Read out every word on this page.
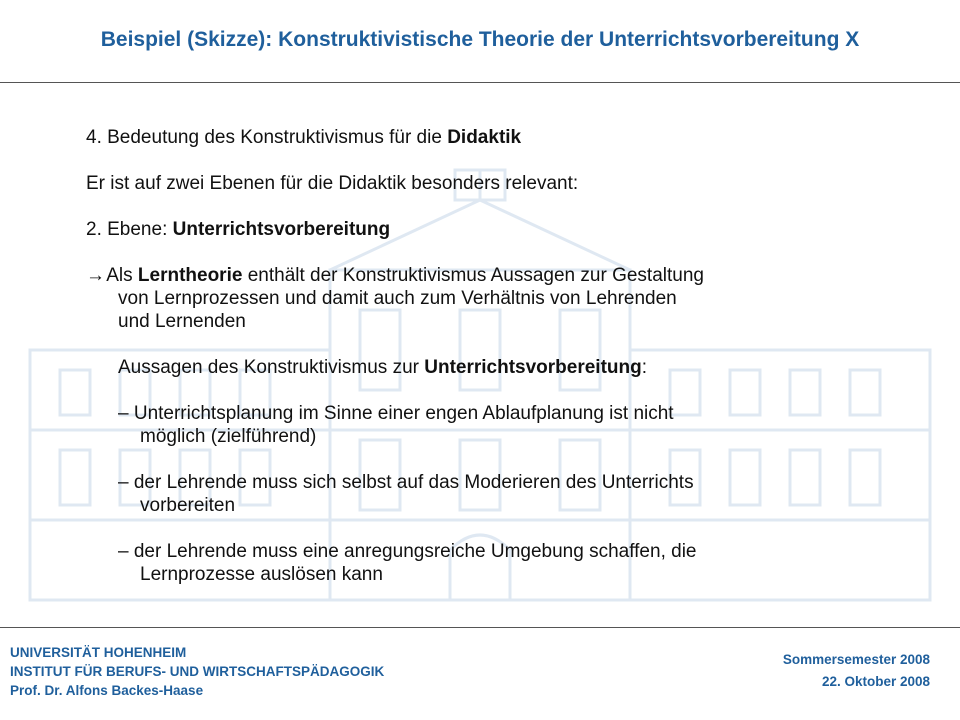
Beispiel (Skizze): Konstruktivistische Theorie der Unterrichtsvorbereitung X
4. Bedeutung des Konstruktivismus für die Didaktik
Er ist auf zwei Ebenen für die Didaktik besonders relevant:
2. Ebene: Unterrichtsvorbereitung
→ Als Lerntheorie enthält der Konstruktivismus Aussagen zur Gestaltung
von Lernprozessen und damit auch zum Verhältnis von Lehrenden
und Lernenden
Aussagen des Konstruktivismus zur Unterrichtsvorbereitung:
– Unterrichtsplanung im Sinne einer engen Ablaufplanung ist nicht
möglich (zielführend)
– der Lehrende muss sich selbst auf das Moderieren des Unterrichts
vorbereiten
– der Lehrende muss eine anregungsreiche Umgebung schaffen, die
Lernprozesse auslösen kann
UNIVERSITÄT HOHENHEIM
INSTITUT FÜR BERUFS- UND WIRTSCHAFTSPÄDAGOGIK
Prof. Dr. Alfons Backes-Haase
Sommersemester 2008
22. Oktober 2008
